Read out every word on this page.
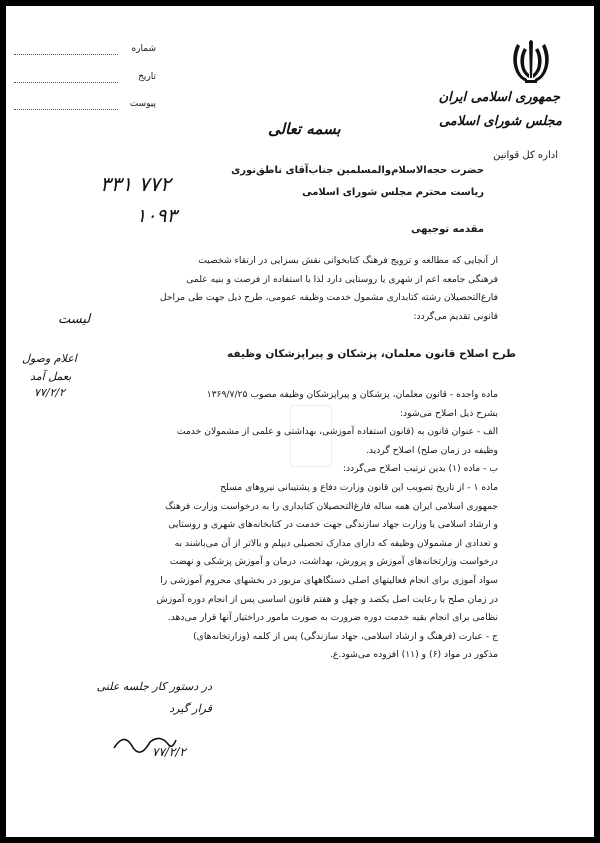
جمهوری اسلامی ایران
مجلس شورای اسلامی
اداره کل قوانین
شماره
تاریخ
پیوست
بسمه تعالی
۳۳۱ ۷۷۲
۱۰۹۳
حضرت حجه‌الاسلام‌والمسلمین جناب‌آقای ناطق‌نوری
ریاست محترم مجلس شورای اسلامی
مقدمه توجیهی
از آنجایی که مطالعه و ترویج فرهنگ کتابخوانی نقش بسزایی در ارتقاء شخصیت
فرهنگی جامعه اعم از شهری یا روستایی دارد لذا با استفاده از فرصت و بنیه علمی
فارغ‌التحصیلان رشته کتابداری مشمول خدمت وظیفه عمومی، طرح ذیل جهت طی مراحل
قانونی تقدیم می‌گردد:
لیست
اعلام وصول
بعمل آمد
۷۷/۲/۲
طرح اصلاح قانون معلمان، پزشکان و پیراپزشکان وظیفه
ماده واحده - قانون معلمان، پزشکان و پیراپزشکان وظیفه مصوب ۱۳۶۹/۷/۲۵
بشرح ذیل اصلاح می‌شود:
الف - عنوان قانون به (قانون استفاده آموزشی، بهداشتی و علمی از مشمولان خدمت
وظیفه در زمان صلح) اصلاح گردید.
ب - ماده (۱) بدین ترتیب اصلاح می‌گردد:
ماده ۱ - از تاریخ تصویب این قانون وزارت دفاع و پشتیبانی نیروهای مسلح
جمهوری اسلامی ایران همه ساله فارغ‌التحصیلان کتابداری را به درخواست وزارت فرهنگ
و ارشاد اسلامی یا وزارت جهاد سازندگی جهت خدمت در کتابخانه‌های شهری و روستایی
و تعدادی از مشمولان وظیفه که دارای مدارک تحصیلی دیپلم و بالاتر از آن می‌باشند به
درخواست وزارتخانه‌های آموزش و پرورش، بهداشت، درمان و آموزش پزشکی و نهضت
سواد آموزی برای انجام فعالیتهای اصلی دستگاههای مزبور در بخشهای محروم آموزشی را
در زمان صلح با رعایت اصل یکصد و چهل و هفتم قانون اساسی پس از انجام دوره آموزش
نظامی برای انجام بقیه خدمت دوره ضرورت به صورت مامور دراختیار آنها قرار می‌دهد.
ج - عبارت (فرهنگ و ارشاد اسلامی، جهاد سازندگی) پس از کلمه (وزارتخانه‌های)
مذکور در مواد (۶) و (۱۱) افزوده می‌شود.ع.
در دستور کار جلسه علنی
قرار گیرد
۷۷/۲/۲
